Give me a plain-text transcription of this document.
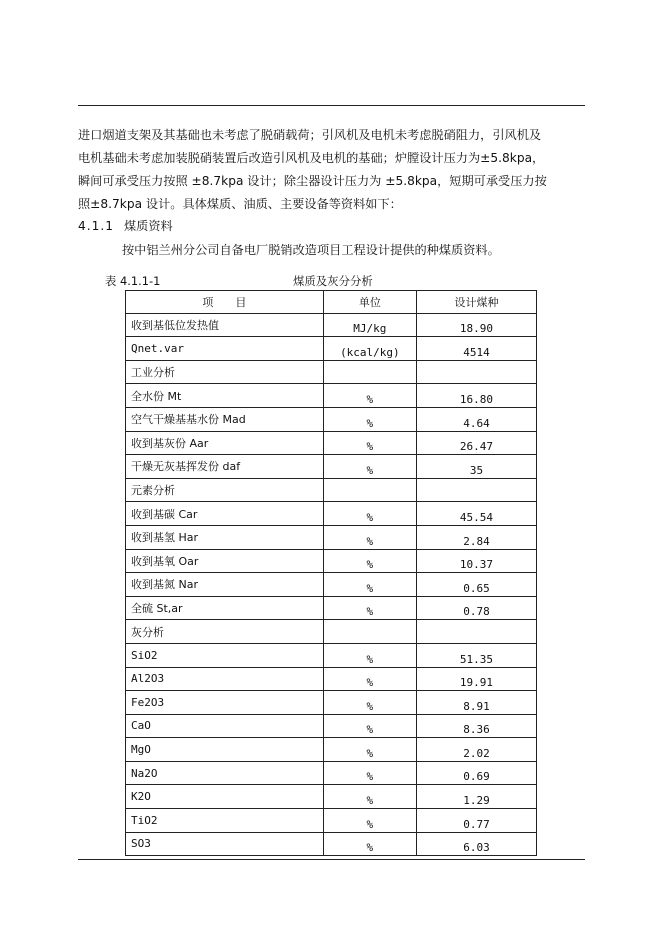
进口烟道支架及其基础也未考虑了脱硝载荷；引风机及电机未考虑脱硝阻力，引风机及
电机基础未考虑加装脱硝装置后改造引风机及电机的基础；炉膛设计压力为±5.8kpa，
瞬间可承受压力按照 ±8.7kpa 设计；除尘器设计压力为 ±5.8kpa，短期可承受压力按
照±8.7kpa 设计。具体煤质、油质、主要设备等资料如下：
4.1.1 煤质资料
按中铝兰州分公司自备电厂脱销改造项目工程设计提供的种煤质资料。
表 4.1.1-1	煤质及灰分分析
项　　目	单位	设计煤种
收到基低位发热值	MJ/kg	18.90
Qnet.var	(kcal/kg)	4514
工业分析		
全水份 Mt	%	16.80
空气干燥基基水份 Mad	%	4.64
收到基灰份 Aar	%	26.47
干燥无灰基挥发份 daf	%	35
元素分析		
收到基碳 Car	%	45.54
收到基氢 Har	%	2.84
收到基氧 Oar	%	10.37
收到基氮 Nar	%	0.65
全硫 St,ar	%	0.78
灰分析		
SiO2	%	51.35
Al2O3	%	19.91
Fe2O3	%	8.91
CaO	%	8.36
MgO	%	2.02
Na2O	%	0.69
K2O	%	1.29
TiO2	%	0.77
SO3	%	6.03
